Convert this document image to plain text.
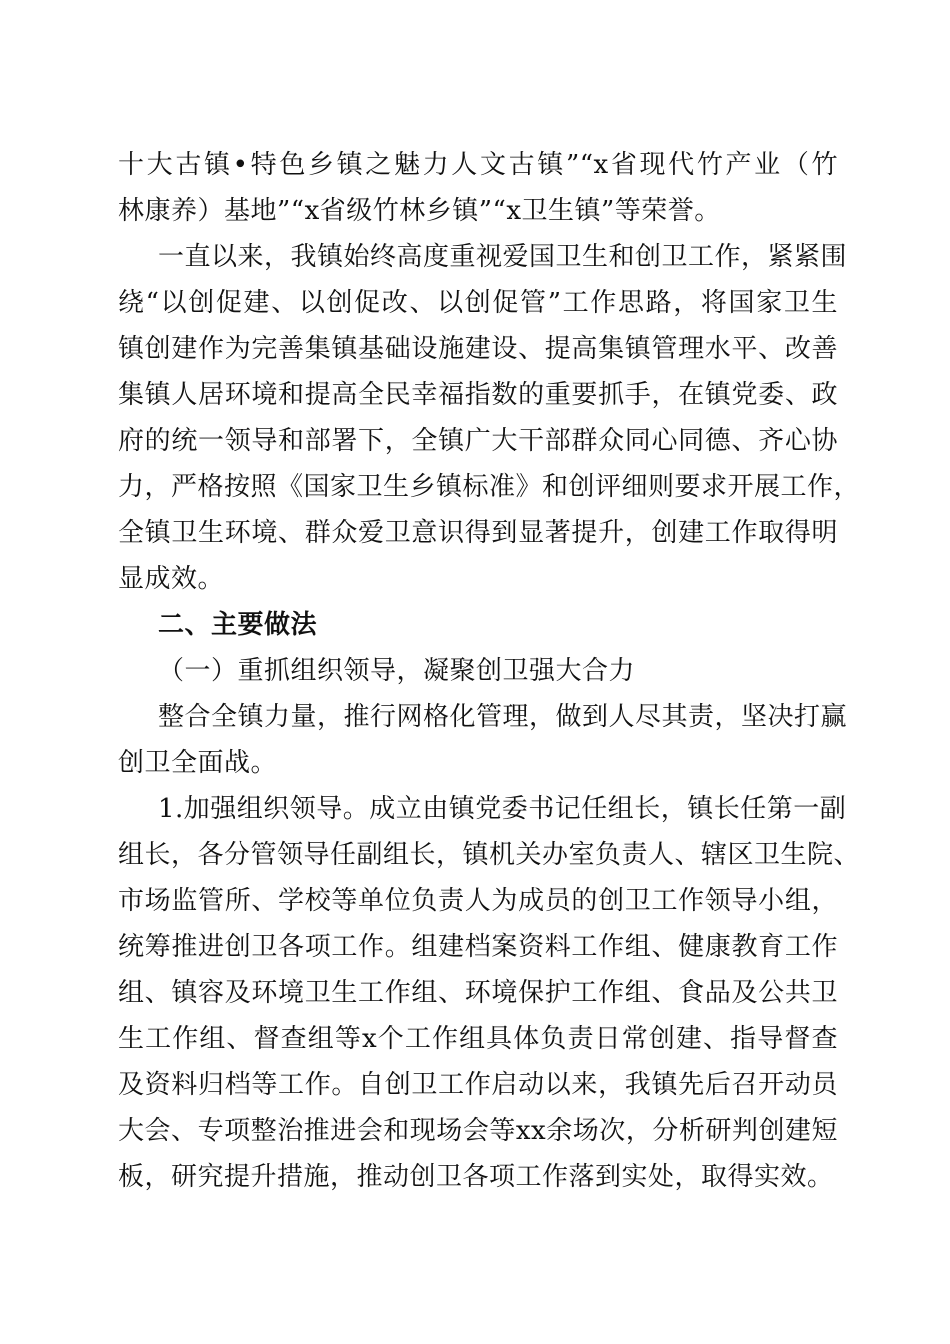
十大古镇•特色乡镇之魅力人文古镇”“x省现代竹产业（竹
林康养）基地”“x省级竹林乡镇”“x卫生镇”等荣誉。
一直以来，我镇始终高度重视爱国卫生和创卫工作，紧紧围
绕“以创促建、以创促改、以创促管”工作思路，将国家卫生
镇创建作为完善集镇基础设施建设、提高集镇管理水平、改善
集镇人居环境和提高全民幸福指数的重要抓手，在镇党委、政
府的统一领导和部署下，全镇广大干部群众同心同德、齐心协
力，严格按照《国家卫生乡镇标准》和创评细则要求开展工作，
全镇卫生环境、群众爱卫意识得到显著提升，创建工作取得明
显成效。
二、主要做法
（一）重抓组织领导，凝聚创卫强大合力
整合全镇力量，推行网格化管理，做到人尽其责，坚决打赢
创卫全面战。
1.加强组织领导。成立由镇党委书记任组长，镇长任第一副
组长，各分管领导任副组长，镇机关办室负责人、辖区卫生院、
市场监管所、学校等单位负责人为成员的创卫工作领导小组，
统筹推进创卫各项工作。组建档案资料工作组、健康教育工作
组、镇容及环境卫生工作组、环境保护工作组、食品及公共卫
生工作组、督查组等x个工作组具体负责日常创建、指导督查
及资料归档等工作。自创卫工作启动以来，我镇先后召开动员
大会、专项整治推进会和现场会等xx余场次，分析研判创建短
板，研究提升措施，推动创卫各项工作落到实处，取得实效。
